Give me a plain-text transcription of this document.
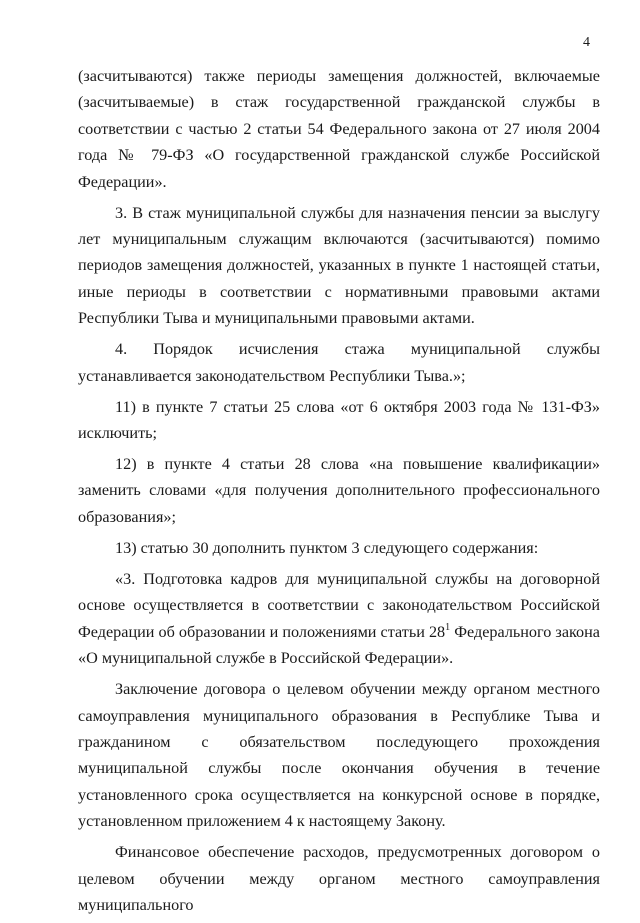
4

(засчитываются) также периоды замещения должностей, включаемые (засчитываемые) в стаж государственной гражданской службы в соответствии с частью 2 статьи 54 Федерального закона от 27 июля 2004 года № 79-ФЗ «О государственной гражданской службе Российской Федерации».

3. В стаж муниципальной службы для назначения пенсии за выслугу лет муниципальным служащим включаются (засчитываются) помимо периодов замещения должностей, указанных в пункте 1 настоящей статьи, иные периоды в соответствии с нормативными правовыми актами Республики Тыва и муниципальными правовыми актами.

4. Порядок исчисления стажа муниципальной службы устанавливается законодательством Республики Тыва.»;

11) в пункте 7 статьи 25 слова «от 6 октября 2003 года № 131-ФЗ» исключить;

12) в пункте 4 статьи 28 слова «на повышение квалификации» заменить словами «для получения дополнительного профессионального образования»;

13) статью 30 дополнить пунктом 3 следующего содержания:

«3. Подготовка кадров для муниципальной службы на договорной основе осуществляется в соответствии с законодательством Российской Федерации об образовании и положениями статьи $28^1$ Федерального закона «О муниципальной службе в Российской Федерации».

Заключение договора о целевом обучении между органом местного самоуправления муниципального образования в Республике Тыва и гражданином с обязательством последующего прохождения муниципальной службы после окончания обучения в течение установленного срока осуществляется на конкурсной основе в порядке, установленном приложением 4 к настоящему Закону.

Финансовое обеспечение расходов, предусмотренных договором о целевом обучении между органом местного самоуправления муниципального
